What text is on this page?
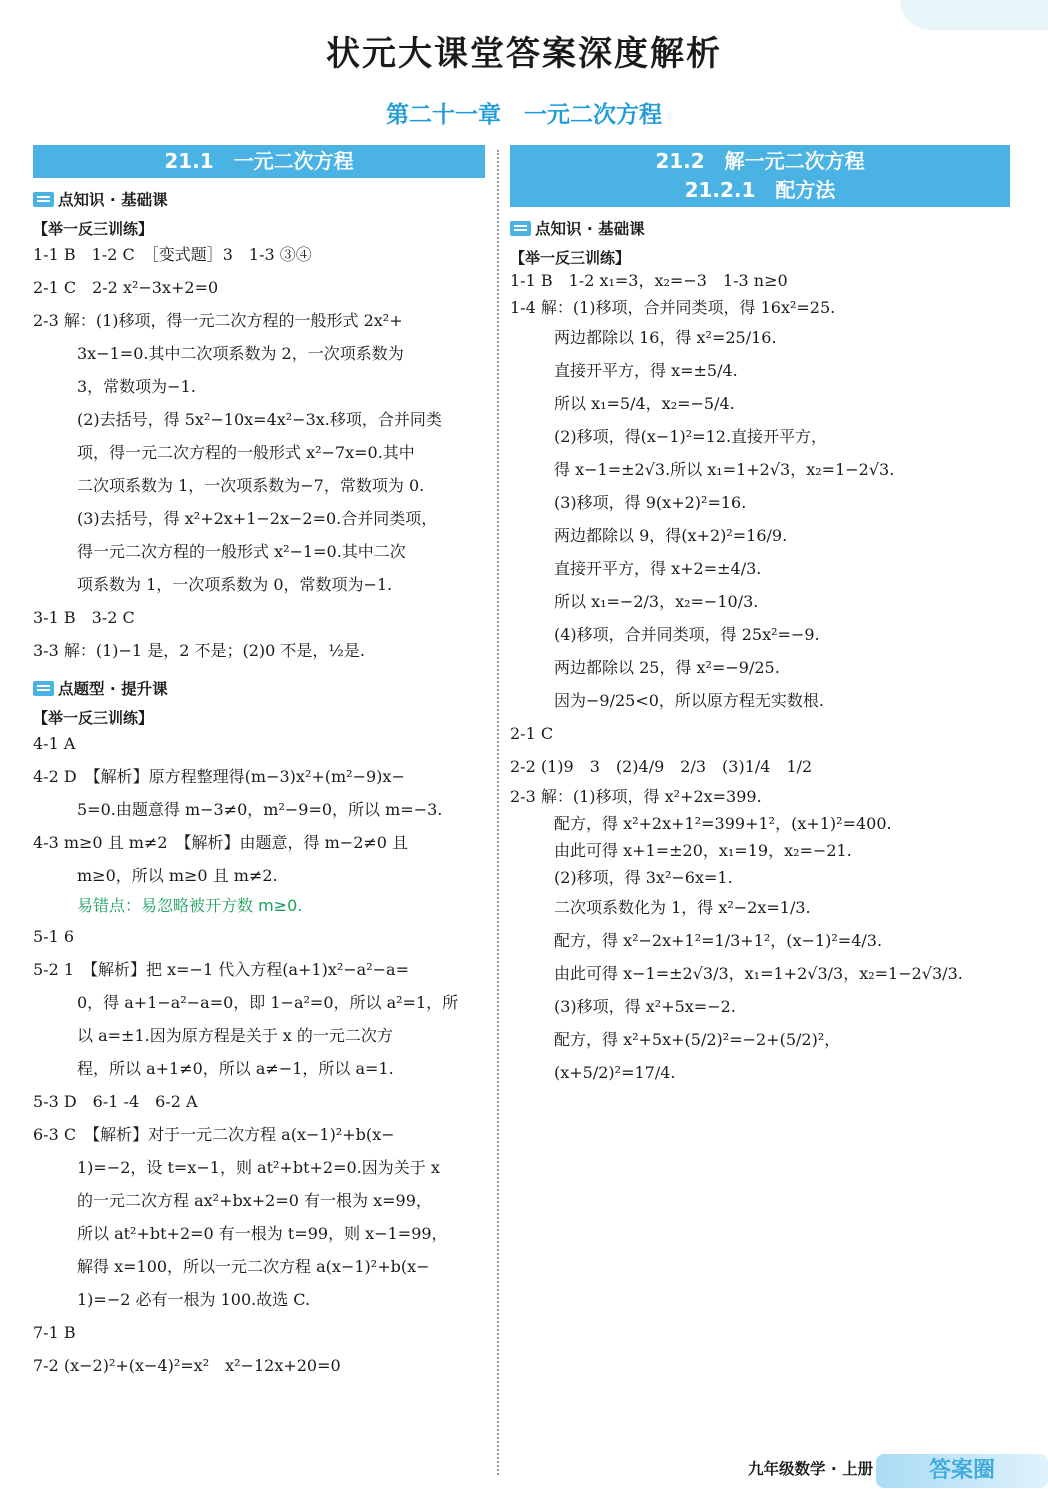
状元大课堂答案深度解析
第二十一章　一元二次方程
21.1　一元二次方程
点知识 · 基础课
【举一反三训练】
1-1 B　1-2 C　［变式题］3　1-3 ③④
2-1 C　2-2 x²−3x+2=0
2-3 解：(1)移项，得一元二次方程的一般形式 2x²+
3x−1=0.其中二次项系数为 2，一次项系数为
3，常数项为−1.
(2)去括号，得 5x²−10x=4x²−3x.移项，合并同类
项，得一元二次方程的一般形式 x²−7x=0.其中
二次项系数为 1，一次项系数为−7，常数项为 0.
(3)去括号，得 x²+2x+1−2x−2=0.合并同类项，
得一元二次方程的一般形式 x²−1=0.其中二次
项系数为 1，一次项系数为 0，常数项为−1.
3-1 B　3-2 C
3-3 解：(1)−1 是，2 不是；(2)0 不是，½是.
点题型 · 提升课
【举一反三训练】
4-1 A
4-2 D　【解析】原方程整理得(m−3)x²+(m²−9)x−
5=0.由题意得 m−3≠0，m²−9=0，所以 m=−3.
4-3 m≥0 且 m≠2　【解析】由题意，得 m−2≠0 且
m≥0，所以 m≥0 且 m≠2.
易错点：易忽略被开方数 m≥0.
5-1 6
5-2 1　【解析】把 x=−1 代入方程(a+1)x²−a²−a=
0，得 a+1−a²−a=0，即 1−a²=0，所以 a²=1，所
以 a=±1.因为原方程是关于 x 的一元二次方
程，所以 a+1≠0，所以 a≠−1，所以 a=1.
5-3 D　6-1 -4　6-2 A
6-3 C　【解析】对于一元二次方程 a(x−1)²+b(x−
1)=−2，设 t=x−1，则 at²+bt+2=0.因为关于 x
的一元二次方程 ax²+bx+2=0 有一根为 x=99，
所以 at²+bt+2=0 有一根为 t=99，则 x−1=99，
解得 x=100，所以一元二次方程 a(x−1)²+b(x−
1)=−2 必有一根为 100.故选 C.
7-1 B
7-2 (x−2)²+(x−4)²=x²　x²−12x+20=0
21.2　解一元二次方程
21.2.1　配方法
点知识 · 基础课
【举一反三训练】
1-1 B　1-2 x₁=3，x₂=−3　1-3 n≥0
1-4 解：(1)移项，合并同类项，得 16x²=25.
两边都除以 16，得 x²=25/16.
直接开平方，得 x=±5/4.
所以 x₁=5/4，x₂=−5/4.
(2)移项，得(x−1)²=12.直接开平方，
得 x−1=±2√3.所以 x₁=1+2√3，x₂=1−2√3.
(3)移项，得 9(x+2)²=16.
两边都除以 9，得(x+2)²=16/9.
直接开平方，得 x+2=±4/3.
所以 x₁=−2/3，x₂=−10/3.
(4)移项，合并同类项，得 25x²=−9.
两边都除以 25，得 x²=−9/25.
因为−9/25<0，所以原方程无实数根.
2-1 C
2-2 (1)9　3　(2)4/9　2/3　(3)1/4　1/2
2-3 解：(1)移项，得 x²+2x=399.
配方，得 x²+2x+1²=399+1²，(x+1)²=400.
由此可得 x+1=±20，x₁=19，x₂=−21.
(2)移项，得 3x²−6x=1.
二次项系数化为 1，得 x²−2x=1/3.
配方，得 x²−2x+1²=1/3+1²，(x−1)²=4/3.
由此可得 x−1=±2√3/3，x₁=1+2√3/3，x₂=1−2√3/3.
(3)移项，得 x²+5x=−2.
配方，得 x²+5x+(5/2)²=−2+(5/2)²，
(x+5/2)²=17/4.
九年级数学 · 上册	答案圈
